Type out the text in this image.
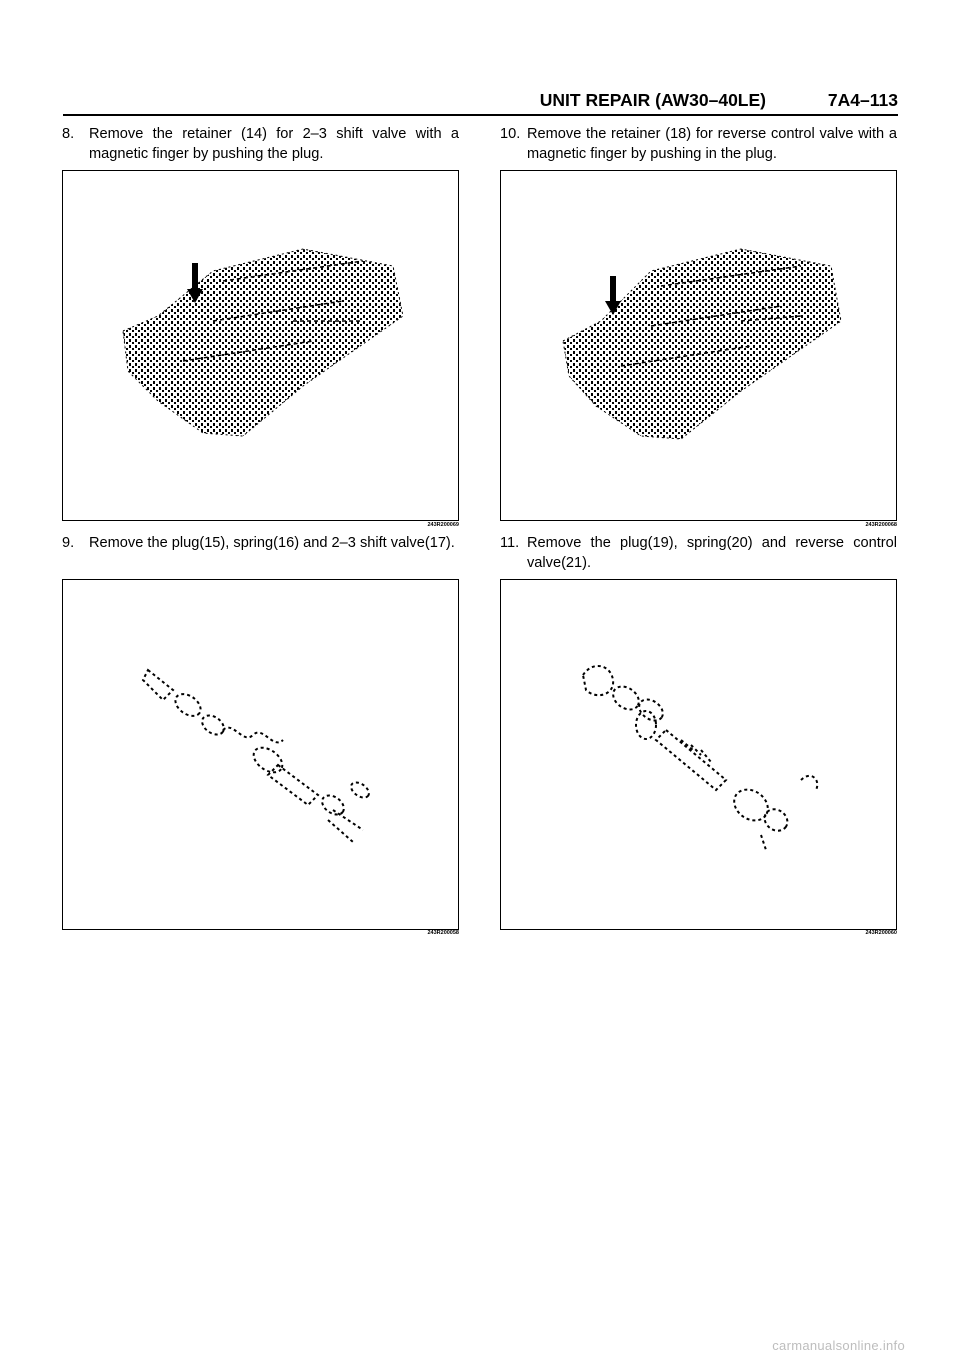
UNIT REPAIR (AW30–40LE)	7A4–113
8. Remove the retainer (14) for 2–3 shift valve with a magnetic finger by pushing the plug.
243R200069
9. Remove the plug(15), spring(16) and 2–3 shift valve(17).
243R200058
10. Remove the retainer (18) for reverse control valve with a magnetic finger by pushing in the plug.
243R200068
11. Remove the plug(19), spring(20) and reverse control valve(21).
243R200060
carmanualsonline.info
